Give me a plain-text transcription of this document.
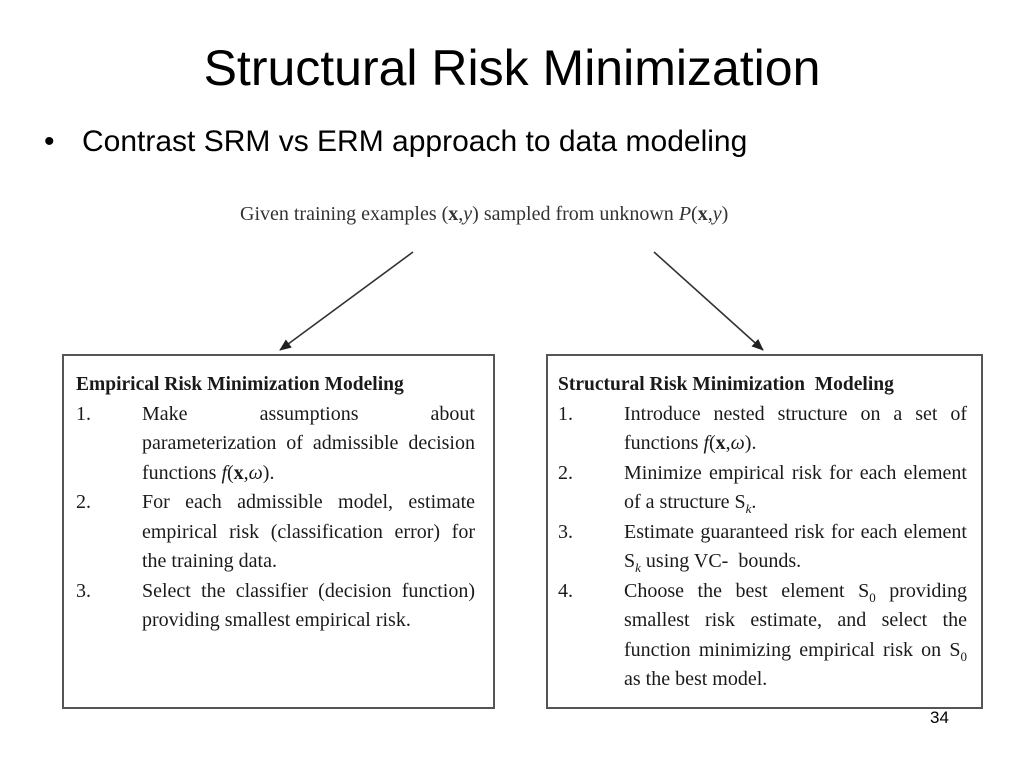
Structural Risk Minimization
• Contrast SRM vs ERM approach to data modeling
Given training examples (x,y) sampled from unknown P(x,y)
Empirical Risk Minimization Modeling
1.	Make assumptions about parameterization of admissible decision functions f(x,ω).
2.	For each admissible model, estimate empirical risk (classification error) for the training data.
3.	Select the classifier (decision function) providing smallest empirical risk.
Structural Risk Minimization  Modeling
1.	Introduce nested structure on a set of functions f(x,ω).
2.	Minimize empirical risk for each element of a structure $S_k$.
3.	Estimate guaranteed risk for each element $S_k$ using VC-  bounds.
4.	Choose the best element $S_0$ providing smallest risk estimate, and select the function minimizing empirical risk on $S_0$ as the best model.
34
